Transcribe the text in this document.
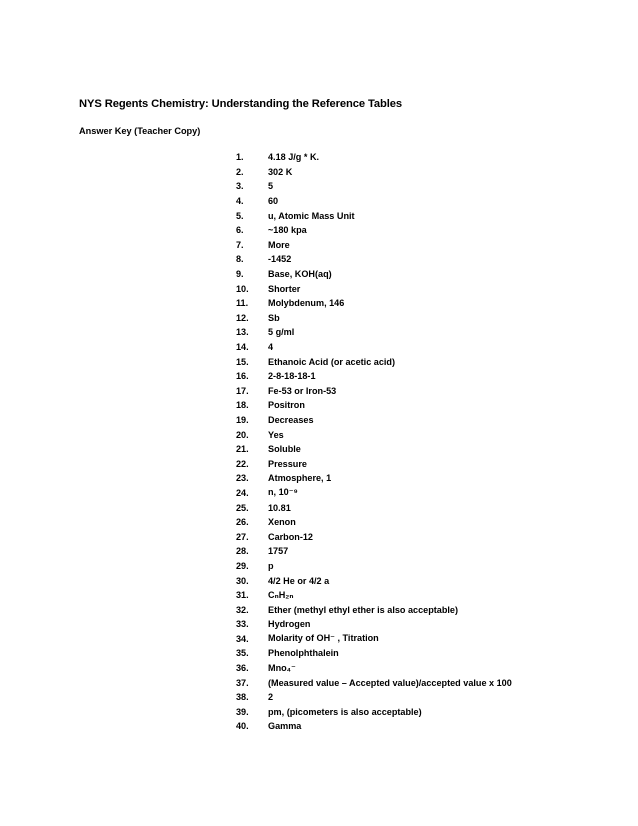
NYS Regents Chemistry: Understanding the Reference Tables
Answer Key (Teacher Copy)
1.	4.18 J/g * K.
2.	302 K
3.	5
4.	60
5.	u, Atomic Mass Unit
6.	~180 kpa
7.	More
8.	-1452
9.	Base, KOH(aq)
10.	Shorter
11.	Molybdenum, 146
12.	Sb
13.	5 g/ml
14.	4
15.	Ethanoic Acid (or acetic acid)
16.	2-8-18-18-1
17.	Fe-53 or Iron-53
18.	Positron
19.	Decreases
20.	Yes
21.	Soluble
22.	Pressure
23.	Atmosphere, 1
24.	n, 10⁻⁹
25.	10.81
26.	Xenon
27.	Carbon-12
28.	1757
29.	p
30.	4/2 He or 4/2 a
31.	CₙH₂ₙ
32.	Ether (methyl ethyl ether is also acceptable)
33.	Hydrogen
34.	Molarity of OH⁻ , Titration
35.	Phenolphthalein
36.	Mno₄⁻
37.	(Measured value – Accepted value)/accepted value x 100
38.	2
39.	pm, (picometers is also acceptable)
40.	Gamma
